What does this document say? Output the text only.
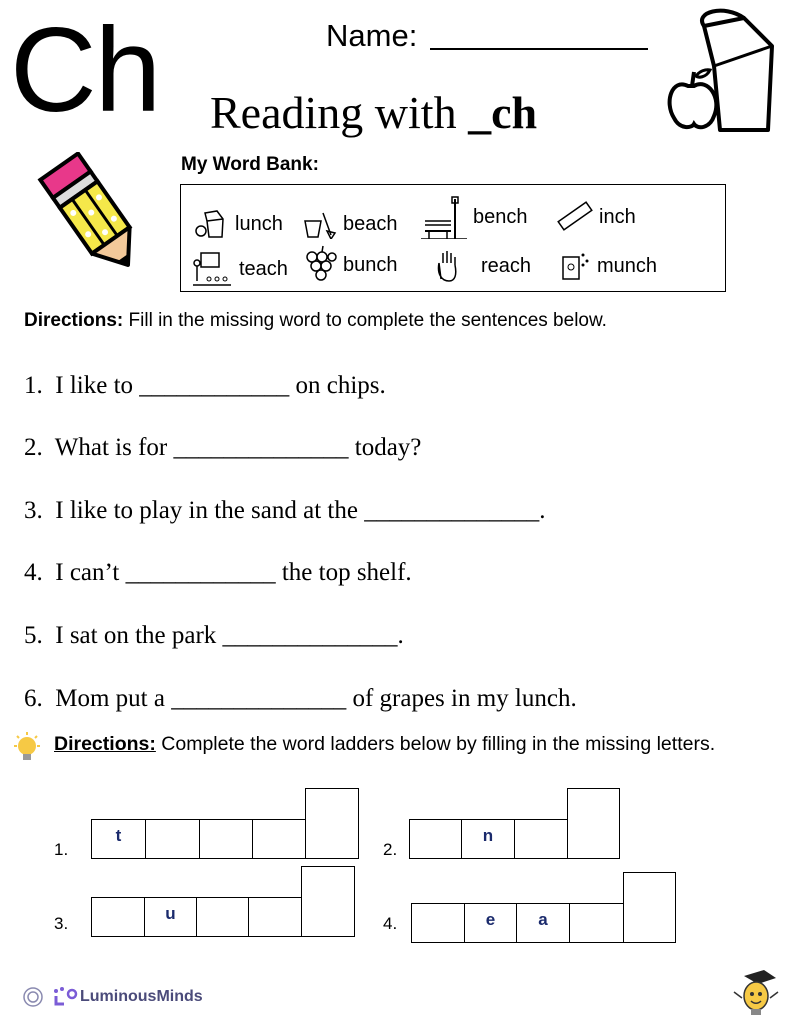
Ch	Name:
Reading with _ch
My Word Bank:
lunch	beach	bench	inch
teach	bunch	reach	munch
Directions: Fill in the missing word to complete the sentences below.
1.  I like to ____________ on chips.
2.  What is for ______________ today?
3.  I like to play in the sand at the ______________.
4.  I can’t ____________ the top shelf.
5.  I sat on the park ______________.
6.  Mom put a ______________ of grapes in my lunch.
Directions: Complete the word ladders below by filling in the missing letters.
1.
t
2.
n
3.
u
4.	e	a
LuminousMinds
